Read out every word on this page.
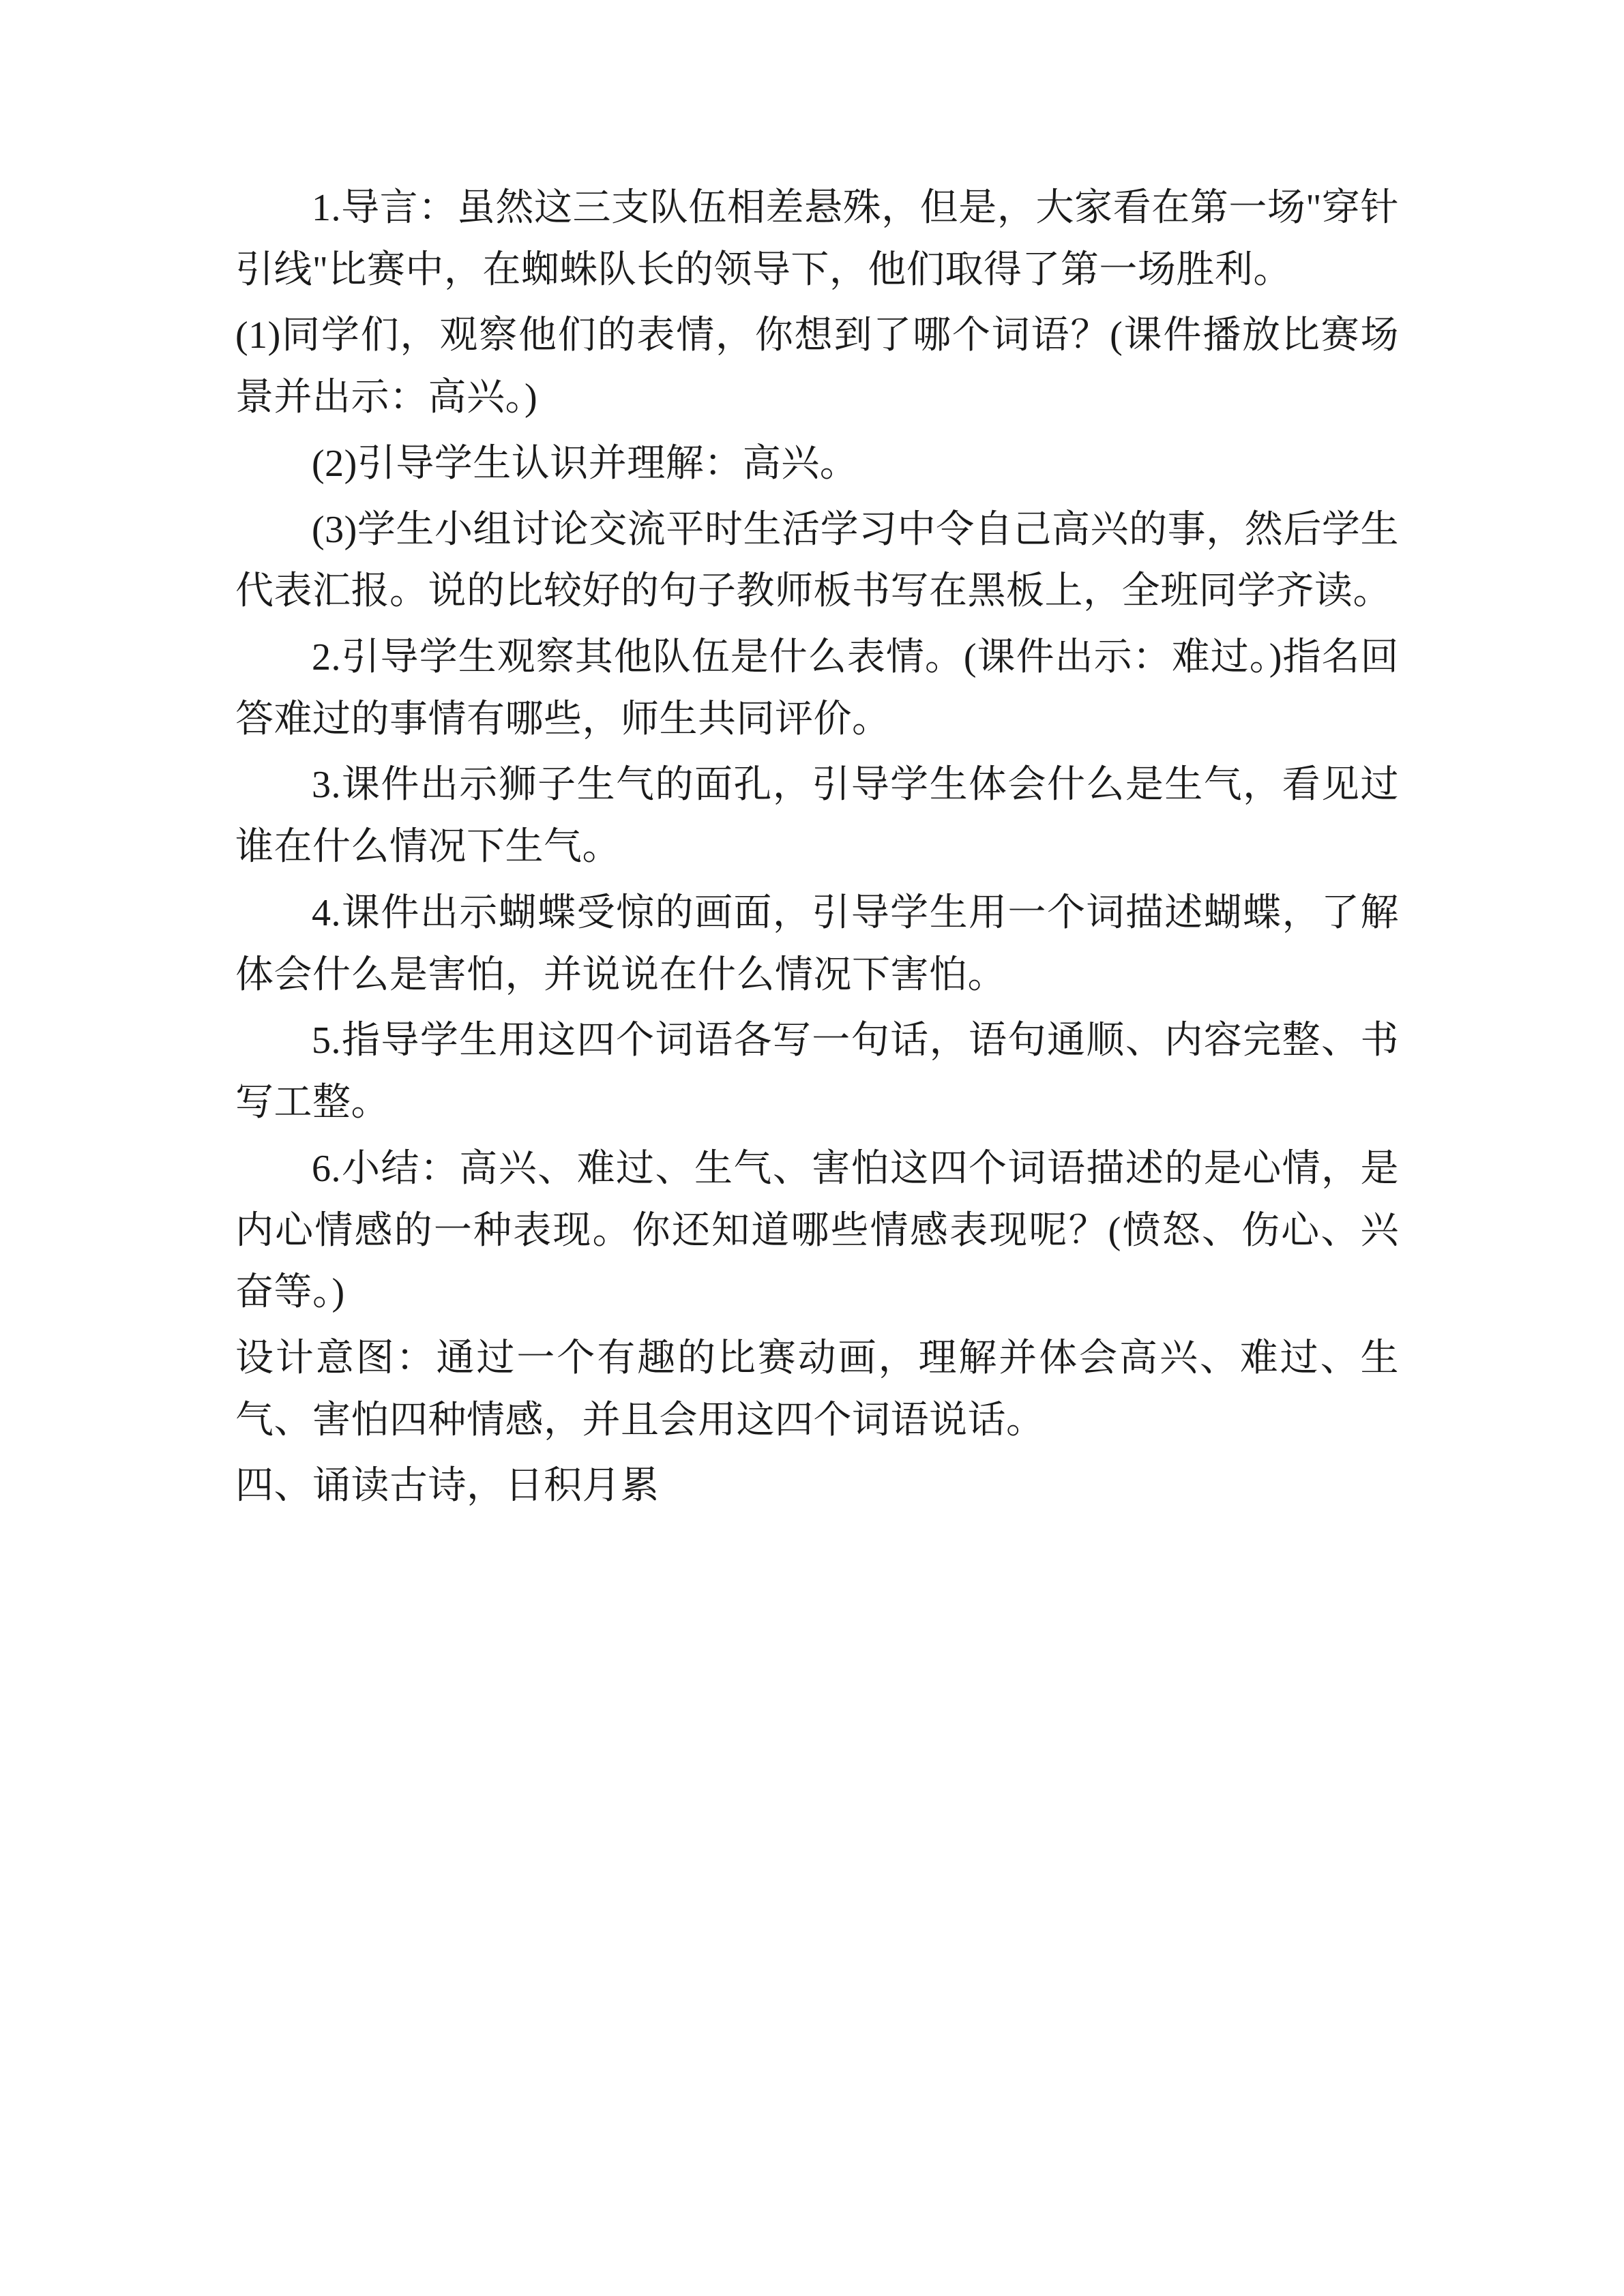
1.导言：虽然这三支队伍相差悬殊，但是，大家看在第一场"穿针引线"比赛中，在蜘蛛队长的领导下，他们取得了第一场胜利。

(1)同学们，观察他们的表情，你想到了哪个词语？(课件播放比赛场景并出示：高兴。)

(2)引导学生认识并理解：高兴。

(3)学生小组讨论交流平时生活学习中令自己高兴的事，然后学生代表汇报。说的比较好的句子教师板书写在黑板上，全班同学齐读。

2.引导学生观察其他队伍是什么表情。(课件出示：难过。)指名回答难过的事情有哪些，师生共同评价。

3.课件出示狮子生气的面孔，引导学生体会什么是生气，看见过谁在什么情况下生气。

4.课件出示蝴蝶受惊的画面，引导学生用一个词描述蝴蝶，了解体会什么是害怕，并说说在什么情况下害怕。

5.指导学生用这四个词语各写一句话，语句通顺、内容完整、书写工整。

6.小结：高兴、难过、生气、害怕这四个词语描述的是心情，是内心情感的一种表现。你还知道哪些情感表现呢？(愤怒、伤心、兴奋等。)

设计意图：通过一个有趣的比赛动画，理解并体会高兴、难过、生气、害怕四种情感，并且会用这四个词语说话。

四、诵读古诗，日积月累
